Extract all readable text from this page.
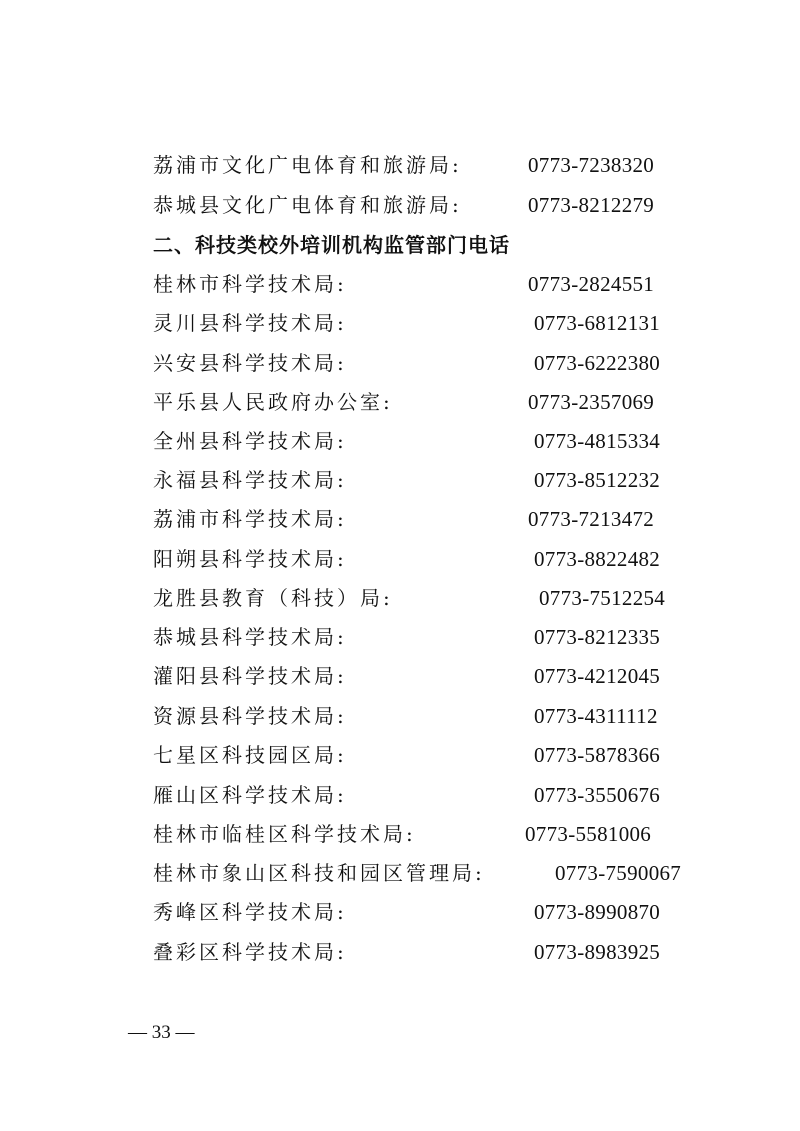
荔浦市文化广电体育和旅游局:	0773-7238320
恭城县文化广电体育和旅游局:	0773-8212279
二、科技类校外培训机构监管部门电话
桂林市科学技术局:	0773-2824551
灵川县科学技术局:	0773-6812131
兴安县科学技术局:	0773-6222380
平乐县人民政府办公室:	0773-2357069
全州县科学技术局:	0773-4815334
永福县科学技术局:	0773-8512232
荔浦市科学技术局:	0773-7213472
阳朔县科学技术局:	0773-8822482
龙胜县教育（科技）局:	0773-7512254
恭城县科学技术局:	0773-8212335
灌阳县科学技术局:	0773-4212045
资源县科学技术局:	0773-4311112
七星区科技园区局:	0773-5878366
雁山区科学技术局:	0773-3550676
桂林市临桂区科学技术局:	0773-5581006
桂林市象山区科技和园区管理局:	0773-7590067
秀峰区科学技术局:	0773-8990870
叠彩区科学技术局:	0773-8983925
— 33 —
